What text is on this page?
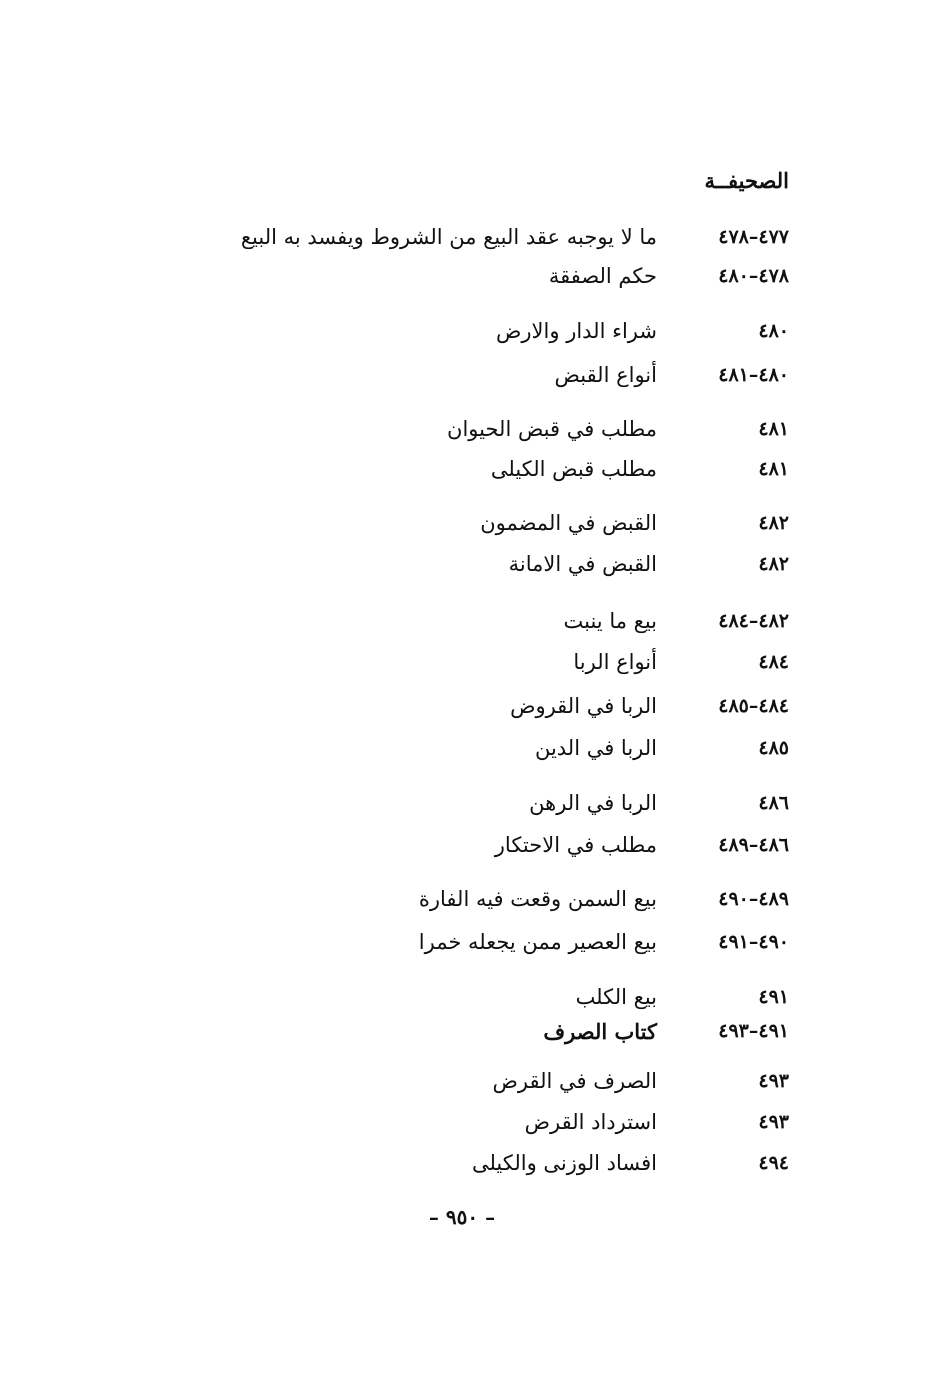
الصحيفــة
٤٧٧–٤٧٨
ما لا يوجبه عقد البيع من الشروط ويفسد به البيع
٤٧٨–٤٨٠
حكم الصفقة
٤٨٠
شراء الدار والارض
٤٨٠–٤٨١
أنواع القبض
٤٨١
مطلب في قبض الحيوان
٤٨١
مطلب قبض الكيلى
٤٨٢
القبض في المضمون
٤٨٢
القبض في الامانة
٤٨٢–٤٨٤
بيع ما ينبت
٤٨٤
أنواع الربا
٤٨٤–٤٨٥
الربا في القروض
٤٨٥
الربا في الدين
٤٨٦
الربا في الرهن
٤٨٦–٤٨٩
مطلب في الاحتكار
٤٨٩–٤٩٠
بيع السمن وقعت فيه الفارة
٤٩٠–٤٩١
بيع العصير ممن يجعله خمرا
٤٩١
بيع الكلب
٤٩١–٤٩٣
كتاب الصرف
٤٩٣
الصرف في القرض
٤٩٣
استرداد القرض
٤٩٤
افساد الوزنى والكيلى
– ٩٥٠ –
